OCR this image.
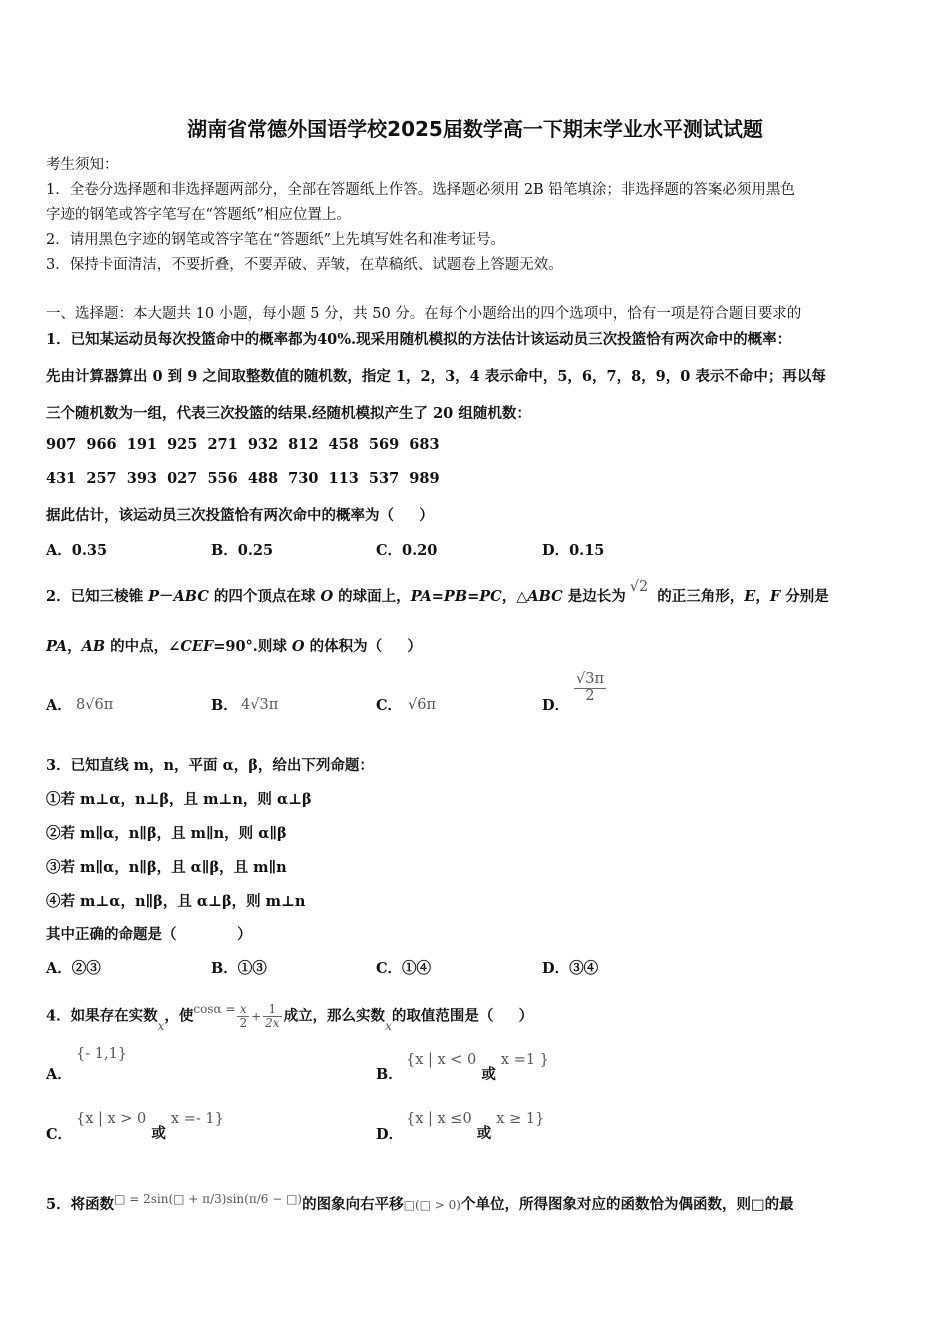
湖南省常德外国语学校2025届数学高一下期末学业水平测试试题
考生须知：
1．全卷分选择题和非选择题两部分，全部在答题纸上作答。选择题必须用 2B 铅笔填涂；非选择题的答案必须用黑色
字迹的钢笔或答字笔写在“答题纸”相应位置上。
2．请用黑色字迹的钢笔或答字笔在“答题纸”上先填写姓名和准考证号。
3．保持卡面清洁，不要折叠，不要弄破、弄皱，在草稿纸、试题卷上答题无效。
一、选择题：本大题共 10 小题，每小题 5 分，共 50 分。在每个小题给出的四个选项中，恰有一项是符合题目要求的
1．已知某运动员每次投篮命中的概率都为40%.现采用随机模拟的方法估计该运动员三次投篮恰有两次命中的概率：
先由计算器算出 0 到 9 之间取整数值的随机数，指定 1，2，3，4 表示命中，5，6，7，8，9，0 表示不命中；再以每
三个随机数为一组，代表三次投篮的结果.经随机模拟产生了 20 组随机数：
907  966  191  925  271  932  812  458  569  683
431  257  393  027  556  488  730  113  537  989
据此估计，该运动员三次投篮恰有两次命中的概率为（     ）
A．0.35	B．0.25	C．0.20	D．0.15
2．已知三棱锥 P－ABC 的四个顶点在球 O 的球面上，PA=PB=PC，△ABC 是边长为√2 的正三角形，E，F 分别是
PA，AB 的中点，∠CEF=90°.则球 O 的体积为（     ）
A． 8√6π	B． 4√3π	C． √6π	D．
$\frac{√3\pi}{2}$
3．已知直线 m，n，平面 α，β，给出下列命题：
①若 m⊥α，n⊥β，且 m⊥n，则 α⊥β
②若 m∥α，n∥β，且 m∥n，则 α∥β
③若 m∥α，n∥β，且 α∥β，且 m∥n
④若 m⊥α，n∥β，且 α⊥β，则 m⊥n
其中正确的命题是（            ）
A．②③	B．①③	C．①④	D．③④
4．如果存在实数$_x$，使$^{cos\alpha =} \frac{x}{2} + \frac{1}{2x}$ 成立，那么实数$_x$的取值范围是（     ）
A．
{- 1,1}
B．
{x | x < 0 或 x =1 }
C．
{x | x > 0 或 x =- 1}
D．
{x | x ≤0 或 x ≥ 1}
5．将函数$^{□ = 2sin(□ + \pi/3)sin(\pi/6 - □)}$的图象向右平移□(□ > 0)个单位，所得图象对应的函数恰为偶函数，则□的最
